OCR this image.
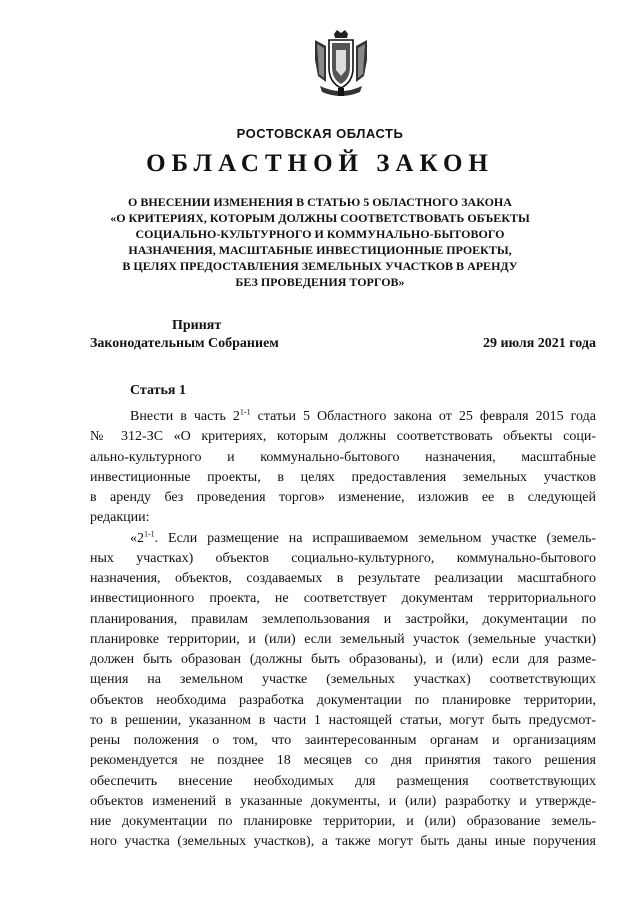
РОСТОВСКАЯ ОБЛАСТЬ
ОБЛАСТНОЙ ЗАКОН
О ВНЕСЕНИИ ИЗМЕНЕНИЯ В СТАТЬЮ 5 ОБЛАСТНОГО ЗАКОНА
«О КРИТЕРИЯХ, КОТОРЫМ ДОЛЖНЫ СООТВЕТСТВОВАТЬ ОБЪЕКТЫ
СОЦИАЛЬНО-КУЛЬТУРНОГО И КОММУНАЛЬНО-БЫТОВОГО
НАЗНАЧЕНИЯ, МАСШТАБНЫЕ ИНВЕСТИЦИОННЫЕ ПРОЕКТЫ,
В ЦЕЛЯХ ПРЕДОСТАВЛЕНИЯ ЗЕМЕЛЬНЫХ УЧАСТКОВ В АРЕНДУ
БЕЗ ПРОВЕДЕНИЯ ТОРГОВ»
Принят
Законодательным Собранием	29 июля 2021 года
Статья 1
Внести в часть 2$^{1-1}$ статьи 5 Областного закона от 25 февраля 2015 года
№ 312-ЗС «О критериях, которым должны соответствовать объекты соци-
ально-культурного и коммунально-бытового назначения, масштабные
инвестиционные проекты, в целях предоставления земельных участков
в аренду без проведения торгов» изменение, изложив ее в следующей
редакции:
«2$^{1-1}$. Если размещение на испрашиваемом земельном участке (земель-
ных участках) объектов социально-культурного, коммунально-бытового
назначения, объектов, создаваемых в результате реализации масштабного
инвестиционного проекта, не соответствует документам территориального
планирования, правилам землепользования и застройки, документации по
планировке территории, и (или) если земельный участок (земельные участки)
должен быть образован (должны быть образованы), и (или) если для разме-
щения на земельном участке (земельных участках) соответствующих
объектов необходима разработка документации по планировке территории,
то в решении, указанном в части 1 настоящей статьи, могут быть предусмот-
рены положения о том, что заинтересованным органам и организациям
рекомендуется не позднее 18 месяцев со дня принятия такого решения
обеспечить внесение необходимых для размещения соответствующих
объектов изменений в указанные документы, и (или) разработку и утвержде-
ние документации по планировке территории, и (или) образование земель-
ного участка (земельных участков), а также могут быть даны иные поручения
